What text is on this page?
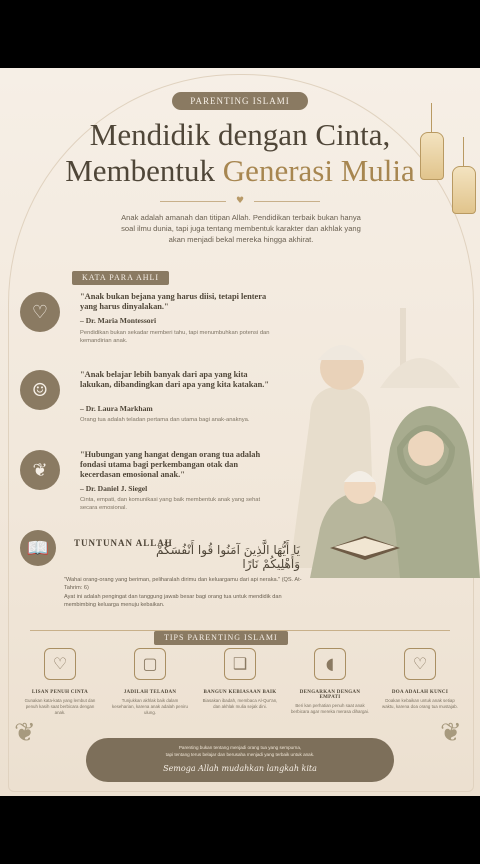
PARENTING ISLAMI
Mendidik dengan Cinta,
Membentuk Generasi Mulia
♥
Anak adalah amanah dan titipan Allah. Pendidikan terbaik bukan hanya soal ilmu dunia, tapi juga tentang membentuk karakter dan akhlak yang akan menjadi bekal mereka hingga akhirat.
KATA PARA AHLI
♡
"Anak bukan bejana yang harus diisi, tetapi lentera yang harus dinyalakan."
– Dr. Maria Montessori
Pendidikan bukan sekadar memberi tahu, tapi menumbuhkan potensi dan kemandirian anak.
☺
"Anak belajar lebih banyak dari apa yang kita lakukan, dibandingkan dari apa yang kita katakan."
– Dr. Laura Markham
Orang tua adalah teladan pertama dan utama bagi anak-anaknya.
❦
"Hubungan yang hangat dengan orang tua adalah fondasi utama bagi perkembangan otak dan kecerdasan emosional anak."
– Dr. Daniel J. Siegel
Cinta, empati, dan komunikasi yang baik membentuk anak yang sehat secara emosional.
📖	TUNTUNAN ALLAH
يَا أَيُّهَا الَّذِينَ آمَنُوا قُوا أَنْفُسَكُمْ وَأَهْلِيكُمْ نَارًا
"Wahai orang-orang yang beriman, peliharalah dirimu dan keluargamu dari api neraka." (QS. At-Tahrim: 6)
Ayat ini adalah pengingat dan tanggung jawab besar bagi orang tua untuk mendidik dan membimbing keluarga menuju kebaikan.
TIPS PARENTING ISLAMI
♡
LISAN PENUH CINTA
Gunakan kata-kata yang lembut dan penuh kasih saat berbicara dengan anak.
▢
JADILAH TELADAN
Tunjukkan akhlak baik dalam keseharian, karena anak adalah peniru ulung.
❑
BANGUN KEBIASAAN BAIK
Biasakan ibadah, membaca Al-Qur'an, dan akhlak mulia sejak dini.
◖
DENGARKAN DENGAN EMPATI
Beri kan perhatian penuh saat anak berbicara agar mereka merasa dihargai.
♡
DOA ADALAH KUNCI
Doakan kebaikan untuk anak setiap waktu, karena doa orang tua mustajab.
❦	❦
Parenting bukan tentang menjadi orang tua yang sempurna,
tapi tentang terus belajar dan berusaha menjadi yang terbaik untuk anak.
Semoga Allah mudahkan langkah kita
